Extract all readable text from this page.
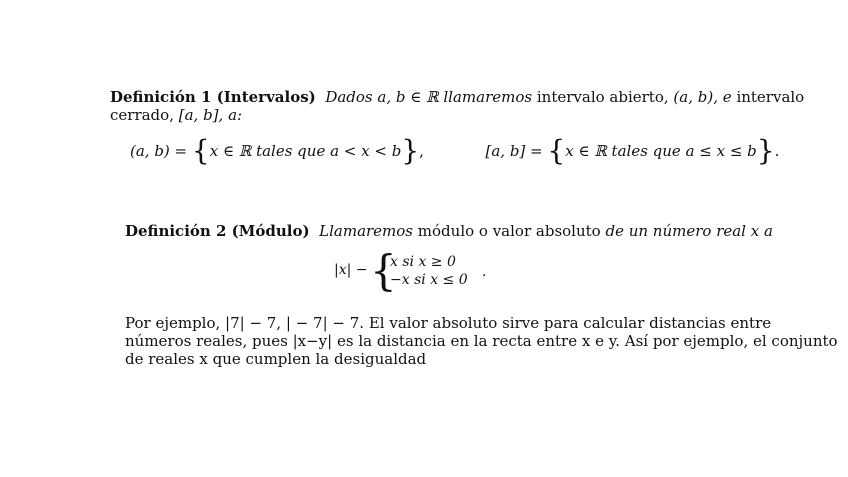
Definición 1 (Intervalos) Dados a, b ∈ ℝ llamaremos intervalo abierto, (a, b), e intervalo
cerrado, [a, b], a:
(a, b) = {x ∈ ℝ tales que a < x < b},	[a, b] = {x ∈ ℝ tales que a ≤ x ≤ b}.
Definición 2 (Módulo) Llamaremos módulo o valor absoluto de un número real x a
|x| − {
x si x ≥ 0
−x si x ≤ 0 .
Por ejemplo, |7| − 7, | − 7| − 7. El valor absoluto sirve para calcular distancias entre
números reales, pues |x−y| es la distancia en la recta entre x e y. Así por ejemplo, el conjunto
de reales x que cumplen la desigualdad
